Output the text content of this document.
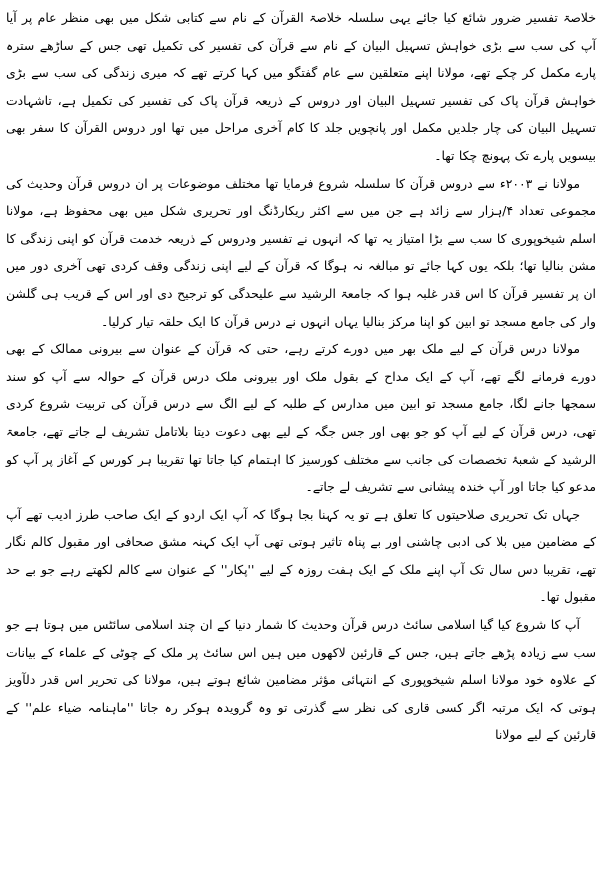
خلاصۃ تفسیر ضرور شائع کیا جائے یہی سلسلہ خلاصۃ القرآن کے نام سے کتابی شکل میں بھی منظر عام پر آیا آپ کی سب سے بڑی خواہش تسہیل البیان کے نام سے قرآن کی تفسیر کی تکمیل تھی جس کے ساڑھے سترہ پارے مکمل کر چکے تھے، مولانا اپنے متعلقین سے عام گفتگو میں کہا کرتے تھے کہ میری زندگی کی سب سے بڑی خواہش قرآن پاک کی تفسیر تسہیل البیان اور دروس کے ذریعہ قرآن پاک کی تفسیر کی تکمیل ہے، تاشہادت تسہیل البیان کی چار جلدیں مکمل اور پانچویں جلد کا کام آخری مراحل میں تھا اور دروس القرآن کا سفر بھی بیسویں پارے تک پہونچ چکا تھا۔

مولانا نے ۲۰۰۳ء سے دروس قرآن کا سلسلہ شروع فرمایا تھا مختلف موضوعات پر ان دروس قرآن وحدیث کی مجموعی تعداد ۴/ہزار سے زائد ہے جن میں سے اکثر ریکارڈنگ اور تحریری شکل میں بھی محفوظ ہے، مولانا اسلم شیخوپوری کا سب سے بڑا امتیاز یہ تھا کہ انہوں نے تفسیر ودروس کے ذریعہ خدمت قرآن کو اپنی زندگی کا مشن بنالیا تھا؛ بلکہ یوں کہا جائے تو مبالغہ نہ ہوگا کہ قرآن کے لیے اپنی زندگی وقف کردی تھی آخری دور میں ان پر تفسیر قرآن کا اس قدر غلبہ ہوا کہ جامعۃ الرشید سے علیحدگی کو ترجیح دی اور اس کے قریب ہی گلشن وار کی جامع مسجد تو ابین کو اپنا مرکز بنالیا یہاں انہوں نے درس قرآن کا ایک حلقہ تیار کرلیا۔

مولانا درس قرآن کے لیے ملک بھر میں دورے کرتے رہے، حتی کہ قرآن کے عنوان سے بیرونی ممالک کے بھی دورے فرمانے لگے تھے، آپ کے ایک مداح کے بقول ملک اور بیرونی ملک درس قرآن کے حوالہ سے آپ کو سند سمجھا جانے لگا، جامع مسجد تو ابین میں مدارس کے طلبہ کے لیے الگ سے درس قرآن کی تربیت شروع کردی تھی، درس قرآن کے لیے آپ کو جو بھی اور جس جگہ کے لیے بھی دعوت دیتا بلاتامل تشریف لے جاتے تھے، جامعۃ الرشید کے شعبۂ تخصصات کی جانب سے مختلف کورسیز کا اہتمام کیا جاتا تھا تقریبا ہر کورس کے آغاز پر آپ کو مدعو کیا جاتا اور آپ خندہ پیشانی سے تشریف لے جاتے۔

جہاں تک تحریری صلاحیتوں کا تعلق ہے تو یہ کہنا بجا ہوگا کہ آپ ایک اردو کے ایک صاحب طرز ادیب تھے آپ کے مضامین میں بلا کی ادبی چاشنی اور بے پناہ تاثیر ہوتی تھی آپ ایک کہنہ مشق صحافی اور مقبول کالم نگار تھے، تقریبا دس سال تک آپ اپنے ملک کے ایک ہفت روزہ کے لیے ''پکار'' کے عنوان سے کالم لکھتے رہے جو بے حد مقبول تھا۔

آپ کا شروع کیا گیا اسلامی سائٹ درس قرآن وحدیث کا شمار دنیا کے ان چند اسلامی سائٹس میں ہوتا ہے جو سب سے زیادہ پڑھے جاتے ہیں، جس کے قارئین لاکھوں میں ہیں اس سائٹ پر ملک کے چوٹی کے علماء کے بیانات کے علاوہ خود مولانا اسلم شیخوپوری کے انتہائی مؤثر مضامین شائع ہوتے ہیں، مولانا کی تحریر اس قدر دلآویز ہوتی کہ ایک مرتبہ اگر کسی قاری کی نظر سے گذرتی تو وہ گرویدہ ہوکر رہ جاتا ''ماہنامہ ضیاء علم'' کے قارئین کے لیے مولانا
